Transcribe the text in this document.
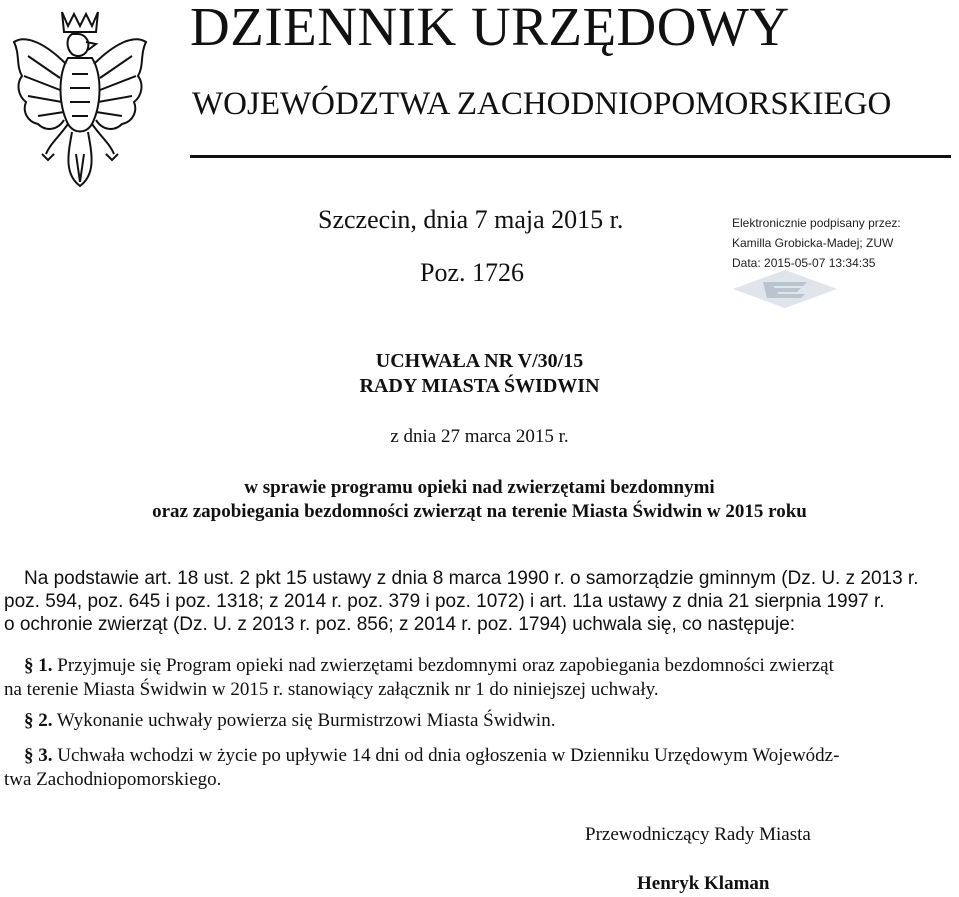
DZIENNIK URZĘDOWY
WOJEWÓDZTWA ZACHODNIOPOMORSKIEGO
Szczecin, dnia 7 maja 2015 r.
Poz. 1726
Elektronicznie podpisany przez:
Kamilla Grobicka-Madej; ZUW
Data: 2015-05-07 13:34:35
UCHWAŁA NR V/30/15
RADY MIASTA ŚWIDWIN
z dnia 27 marca 2015 r.
w sprawie programu opieki nad zwierzętami bezdomnymi
oraz zapobiegania bezdomności zwierząt na terenie Miasta Świdwin w 2015 roku
Na podstawie art. 18 ust. 2 pkt 15 ustawy z dnia 8 marca 1990 r. o samorządzie gminnym (Dz. U. z 2013 r.
poz. 594, poz. 645 i poz. 1318; z 2014 r. poz. 379 i poz. 1072) i art. 11a ustawy z dnia 21 sierpnia 1997 r.
o ochronie zwierząt (Dz. U. z 2013 r. poz. 856; z 2014 r. poz. 1794) uchwala się, co następuje:
§ 1. Przyjmuje się Program opieki nad zwierzętami bezdomnymi oraz zapobiegania bezdomności zwierząt
na terenie Miasta Świdwin w 2015 r. stanowiący załącznik nr 1 do niniejszej uchwały.
§ 2. Wykonanie uchwały powierza się Burmistrzowi Miasta Świdwin.
§ 3. Uchwała wchodzi w życie po upływie 14 dni od dnia ogłoszenia w Dzienniku Urzędowym Wojewódz-
twa Zachodniopomorskiego.
Przewodniczący Rady Miasta
Henryk Klaman
